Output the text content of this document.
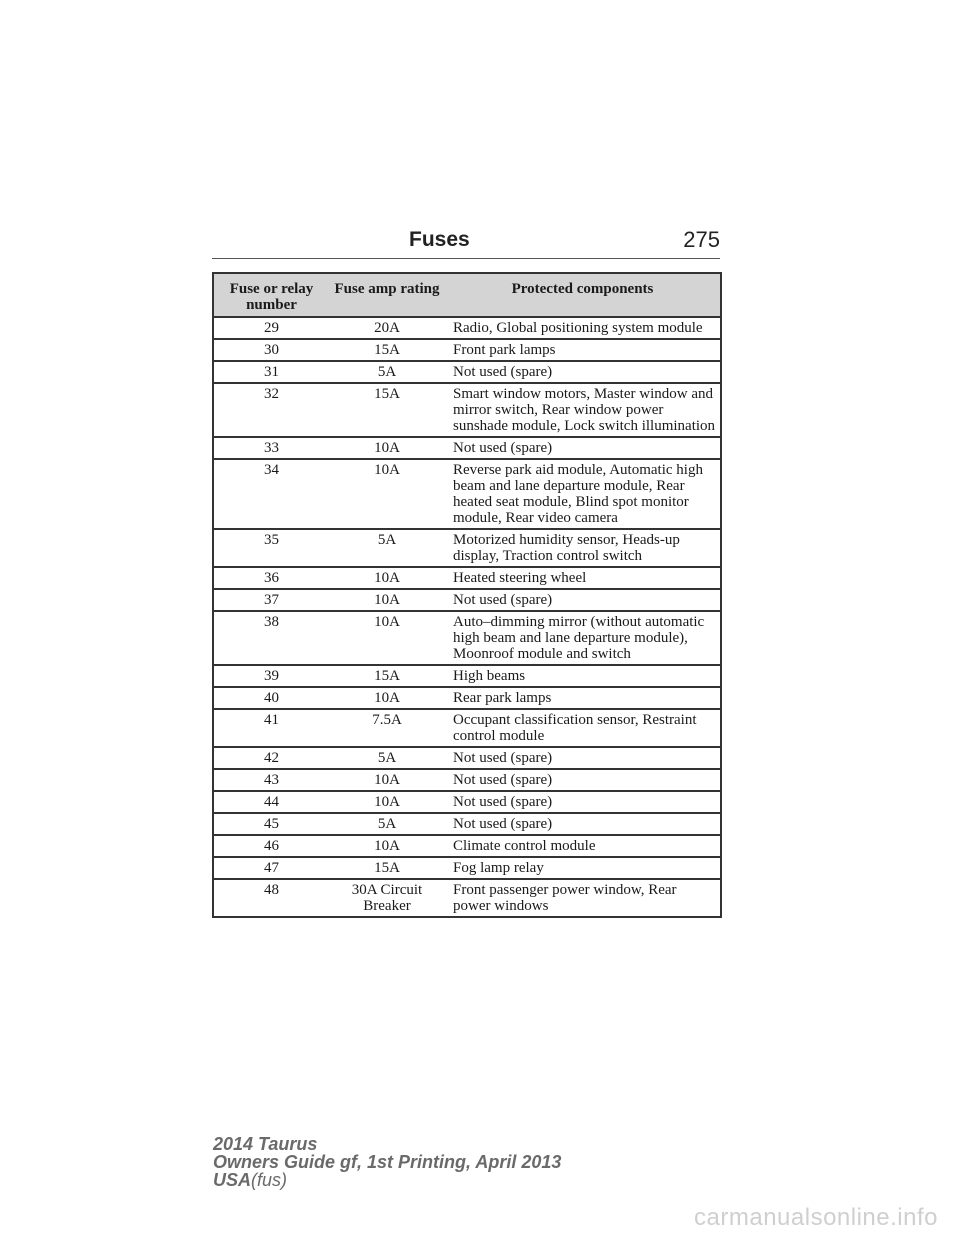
Fuses	275
Fuse or relay number	Fuse amp rating	Protected components
29	20A	Radio, Global positioning system module
30	15A	Front park lamps
31	5A	Not used (spare)
32	15A	Smart window motors, Master window and mirror switch, Rear window power sunshade module, Lock switch illumination
33	10A	Not used (spare)
34	10A	Reverse park aid module, Automatic high beam and lane departure module, Rear heated seat module, Blind spot monitor module, Rear video camera
35	5A	Motorized humidity sensor, Heads-up display, Traction control switch
36	10A	Heated steering wheel
37	10A	Not used (spare)
38	10A	Auto–dimming mirror (without automatic high beam and lane departure module), Moonroof module and switch
39	15A	High beams
40	10A	Rear park lamps
41	7.5A	Occupant classification sensor, Restraint control module
42	5A	Not used (spare)
43	10A	Not used (spare)
44	10A	Not used (spare)
45	5A	Not used (spare)
46	10A	Climate control module
47	15A	Fog lamp relay
48	30A Circuit Breaker	Front passenger power window, Rear power windows
2014 Taurus
Owners Guide gf, 1st Printing, April 2013
USA(fus)
carmanualsonline.info
